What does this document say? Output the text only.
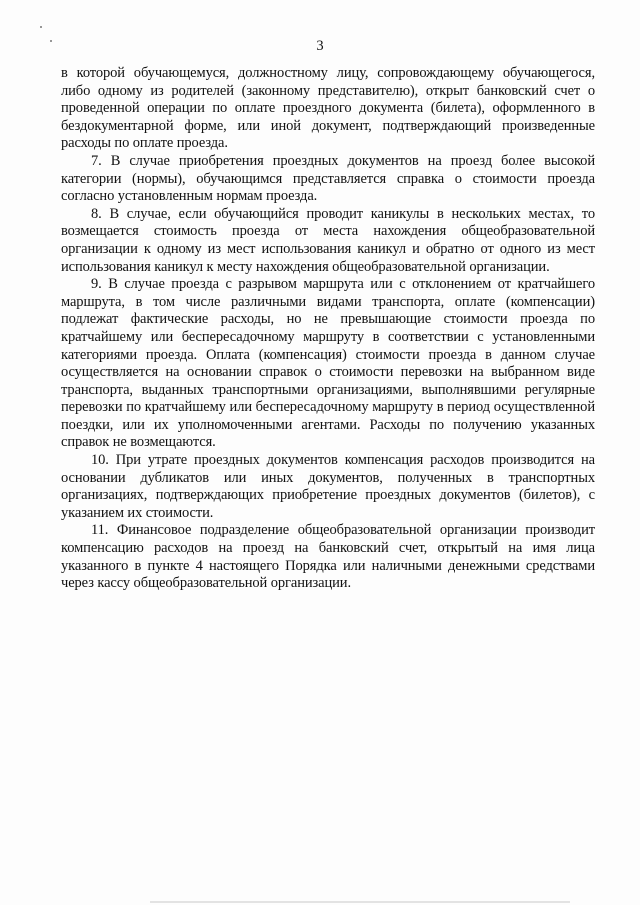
3

в которой обучающемуся, должностному лицу, сопровождающему обучающегося, либо одному из родителей (законному представителю), открыт банковский счет о проведенной операции по оплате проездного документа (билета), оформленного в бездокументарной форме, или иной документ, подтверждающий произведенные расходы по оплате проезда.

7. В случае приобретения проездных документов на проезд более высокой категории (нормы), обучающимся представляется справка о стоимости проезда согласно установленным нормам проезда.

8. В случае, если обучающийся проводит каникулы в нескольких местах, то возмещается стоимость проезда от места нахождения общеобразовательной организации к одному из мест использования каникул и обратно от одного из мест использования каникул к месту нахождения общеобразовательной организации.

9. В случае проезда с разрывом маршрута или с отклонением от кратчайшего маршрута, в том числе различными видами транспорта, оплате (компенсации) подлежат фактические расходы, но не превышающие стоимости проезда по кратчайшему или беспересадочному маршруту в соответствии с установленными категориями проезда. Оплата (компенсация) стоимости проезда в данном случае осуществляется на основании справок о стоимости перевозки на выбранном виде транспорта, выданных транспортными организациями, выполнявшими регулярные перевозки по кратчайшему или беспересадочному маршруту в период осуществленной поездки, или их уполномоченными агентами. Расходы по получению указанных справок не возмещаются.

10. При утрате проездных документов компенсация расходов производится на основании дубликатов или иных документов, полученных в транспортных организациях, подтверждающих приобретение проездных документов (билетов), с указанием их стоимости.

11. Финансовое подразделение общеобразовательной организации производит компенсацию расходов на проезд на банковский счет, открытый на имя лица указанного в пункте 4 настоящего Порядка или наличными денежными средствами через кассу общеобразовательной организации.
